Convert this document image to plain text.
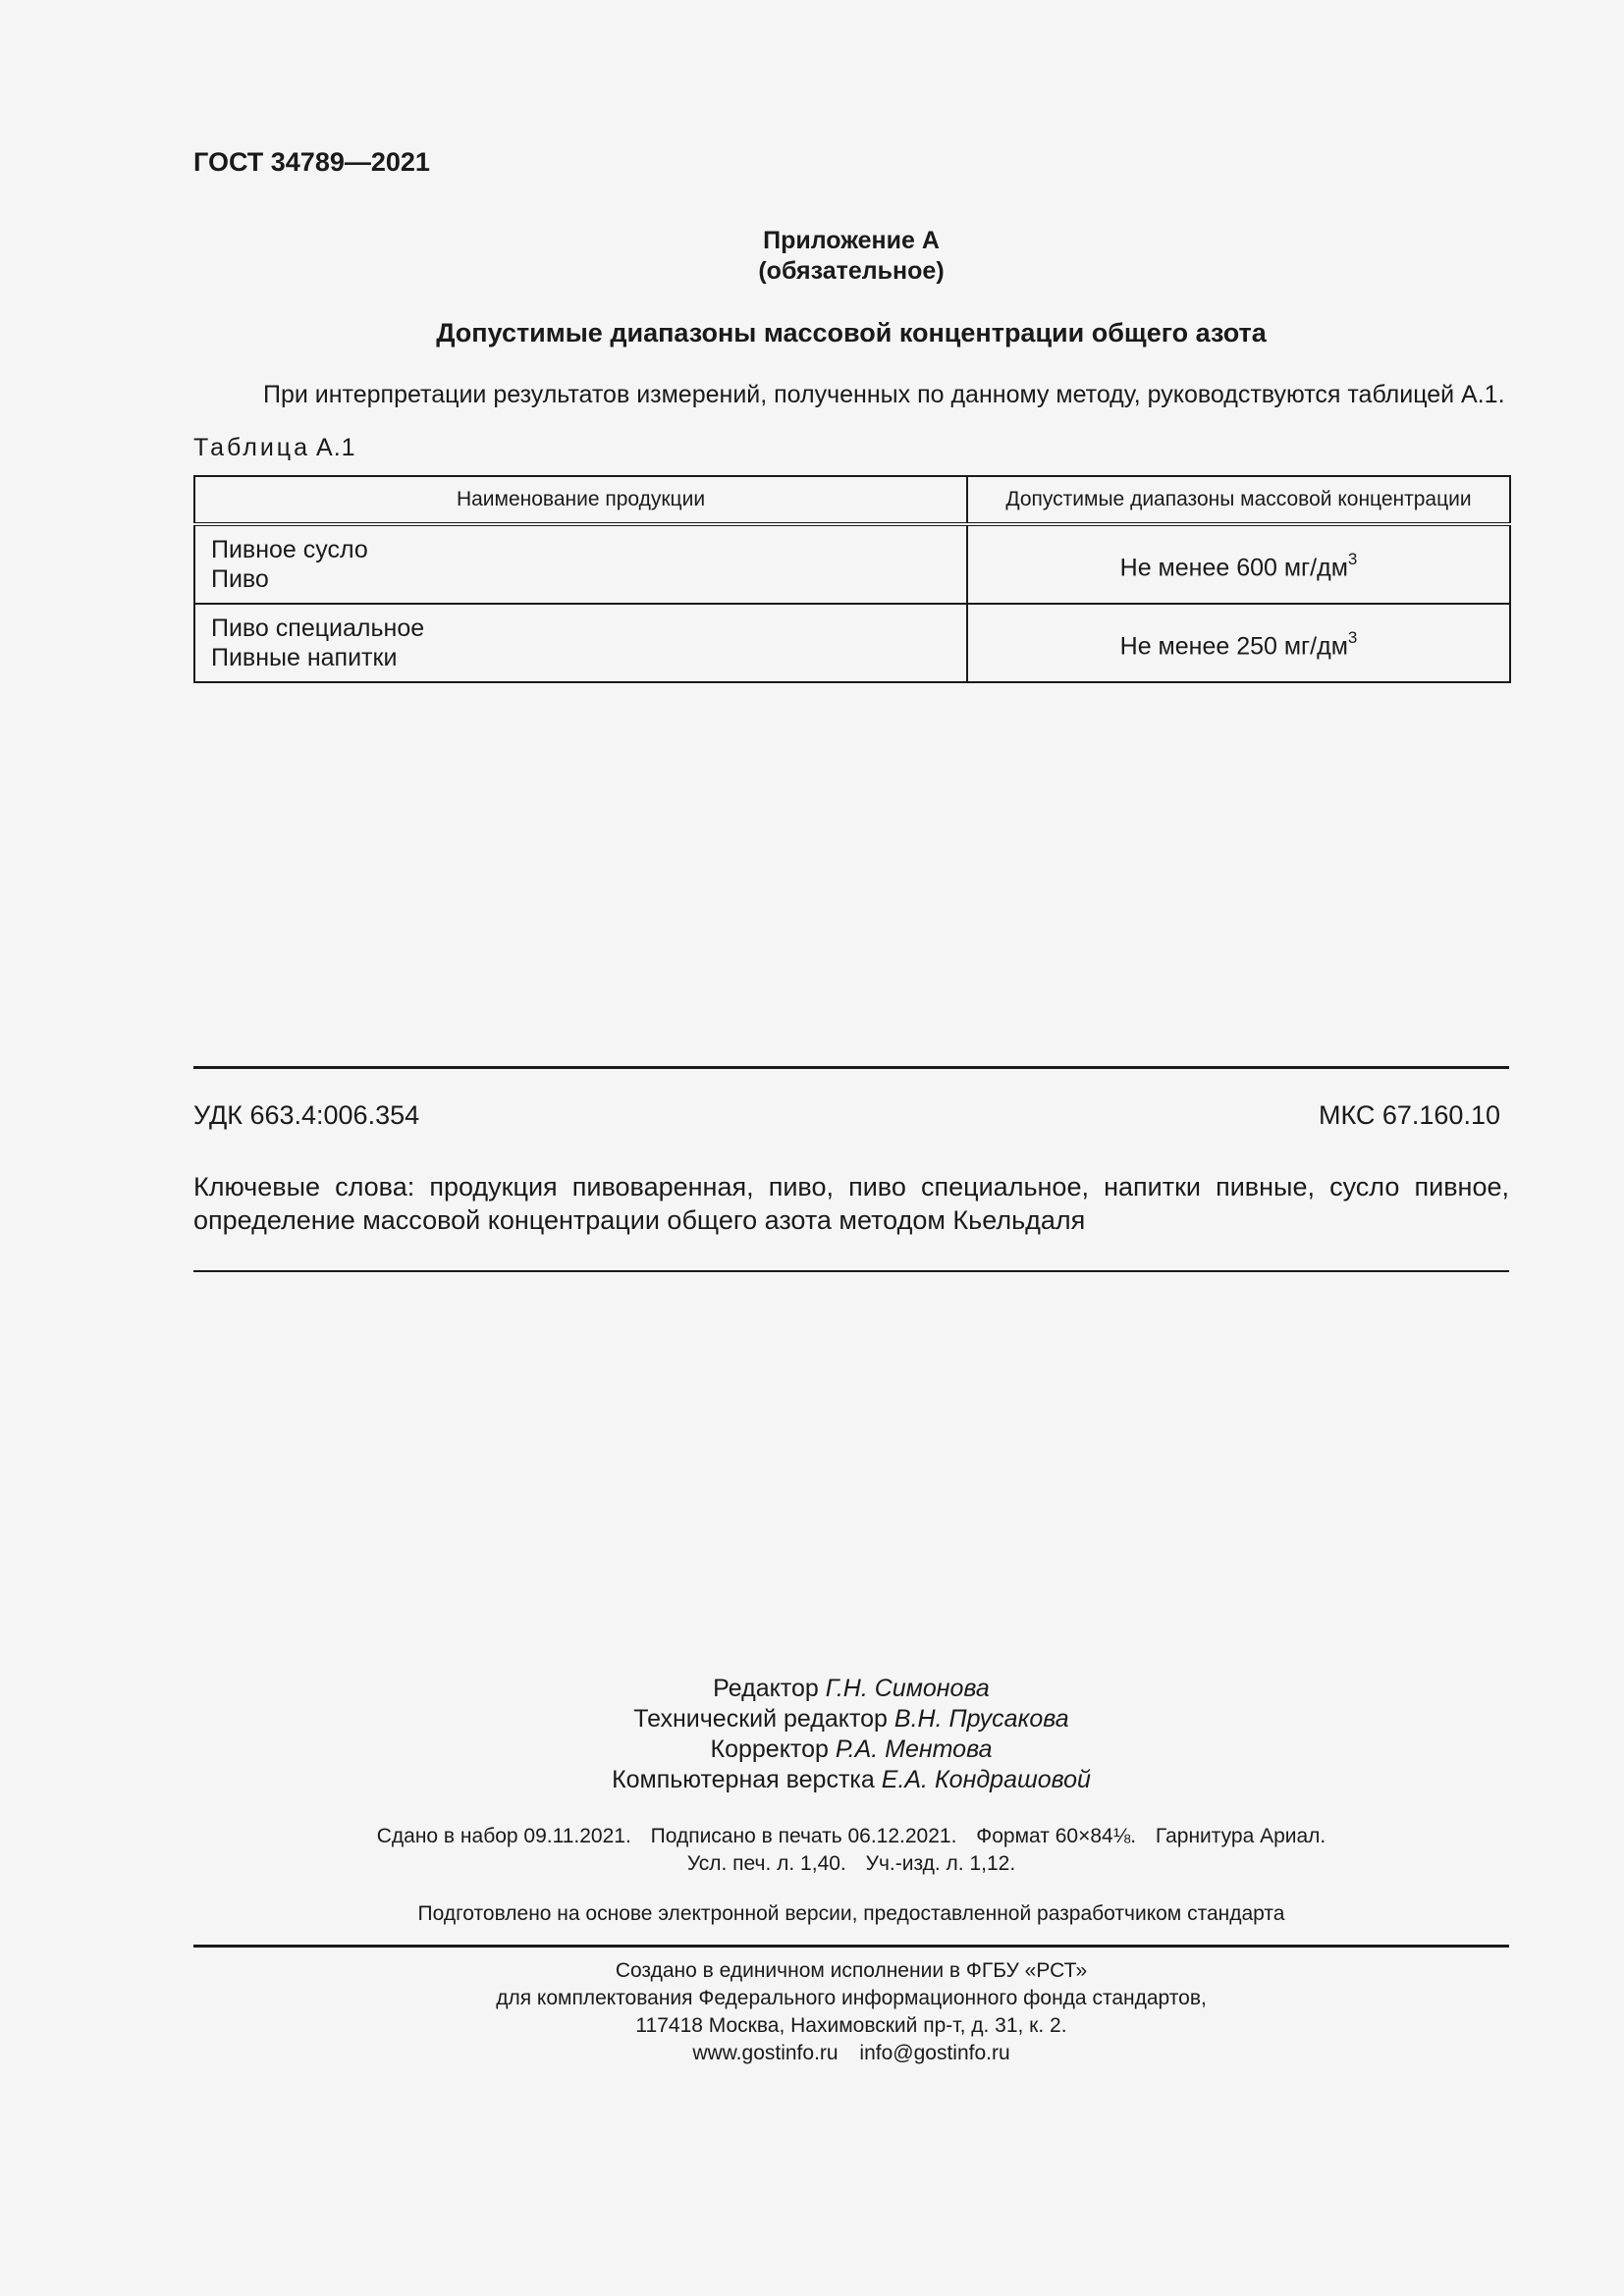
ГОСТ 34789—2021
Приложение А
(обязательное)
Допустимые диапазоны массовой концентрации общего азота
При интерпретации результатов измерений, полученных по данному методу, руководствуются таблицей А.1.
Таблица А.1
Наименование продукции	Допустимые диапазоны массовой концентрации

Пивное сусло
Пиво	Не менее 600 $мг/дм^3$

Пиво специальное
Пивные напитки	Не менее 250 $мг/дм^3$
УДК 663.4:006.354	МКС 67.160.10
Ключевые слова: продукция пивоваренная, пиво, пиво специальное, напитки пивные, сусло пивное, определение массовой концентрации общего азота методом Кьельдаля
Редактор Г.Н. Симонова
Технический редактор В.Н. Прусакова
Корректор Р.А. Ментова
Компьютерная верстка Е.А. Кондрашовой
Сдано в набор 09.11.2021. Подписано в печать 06.12.2021. Формат 60×84⅛. Гарнитура Ариал.
Усл. печ. л. 1,40. Уч.-изд. л. 1,12.
Подготовлено на основе электронной версии, предоставленной разработчиком стандарта
Создано в единичном исполнении в ФГБУ «РСТ»
для комплектования Федерального информационного фонда стандартов,
117418 Москва, Нахимовский пр-т, д. 31, к. 2.
www.gostinfo.ru info@gostinfo.ru
